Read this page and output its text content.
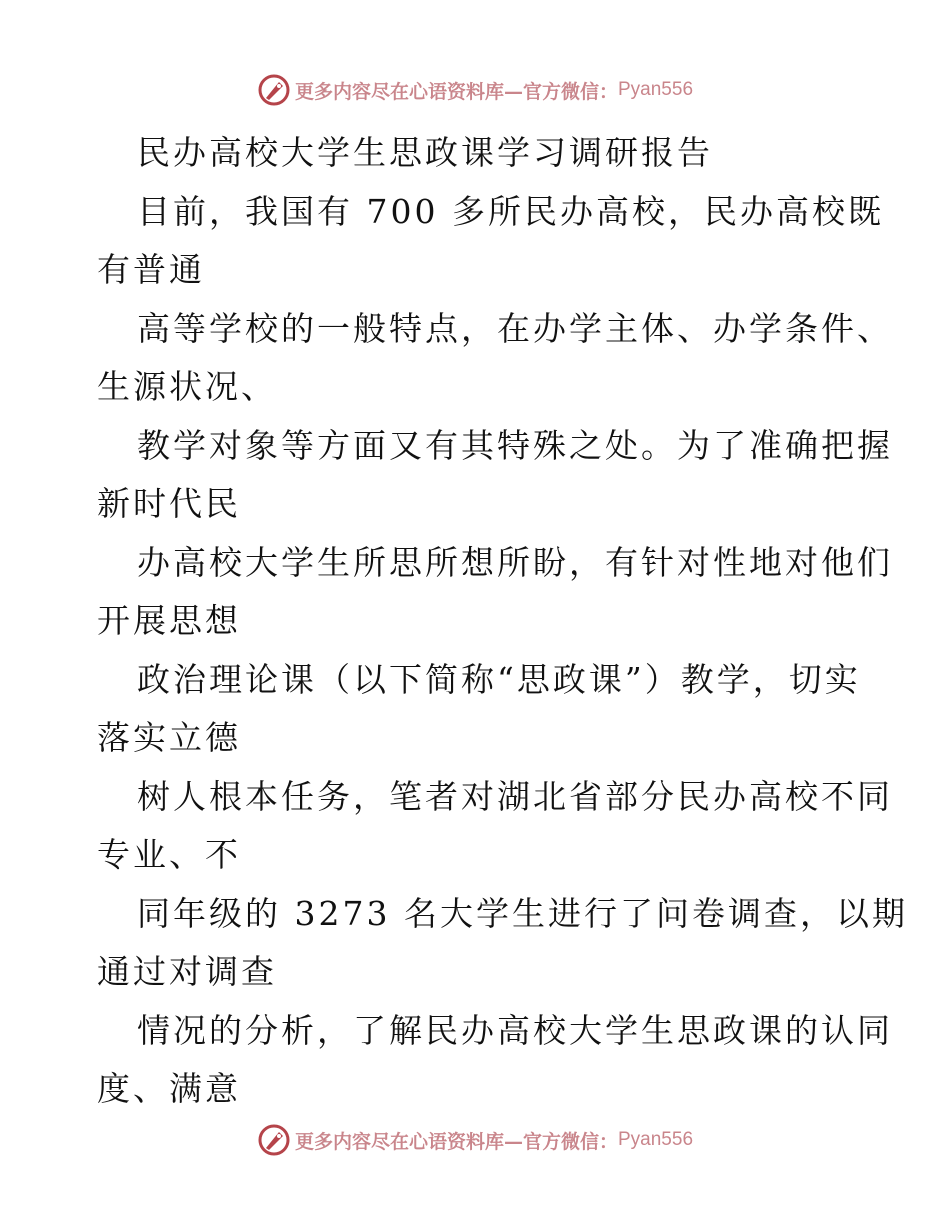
更多内容尽在心语资料库—官方微信： Pyan556
民办高校大学生思政课学习调研报告
目前，我国有 700 多所民办高校，民办高校既
有普通
高等学校的一般特点，在办学主体、办学条件、
生源状况、
教学对象等方面又有其特殊之处。为了准确把握
新时代民
办高校大学生所思所想所盼，有针对性地对他们
开展思想
政治理论课（以下简称“思政课”）教学，切实
落实立德
树人根本任务，笔者对湖北省部分民办高校不同
专业、不
同年级的 3273 名大学生进行了问卷调查，以期
通过对调查
情况的分析，了解民办高校大学生思政课的认同
度、满意
更多内容尽在心语资料库—官方微信： Pyan556
